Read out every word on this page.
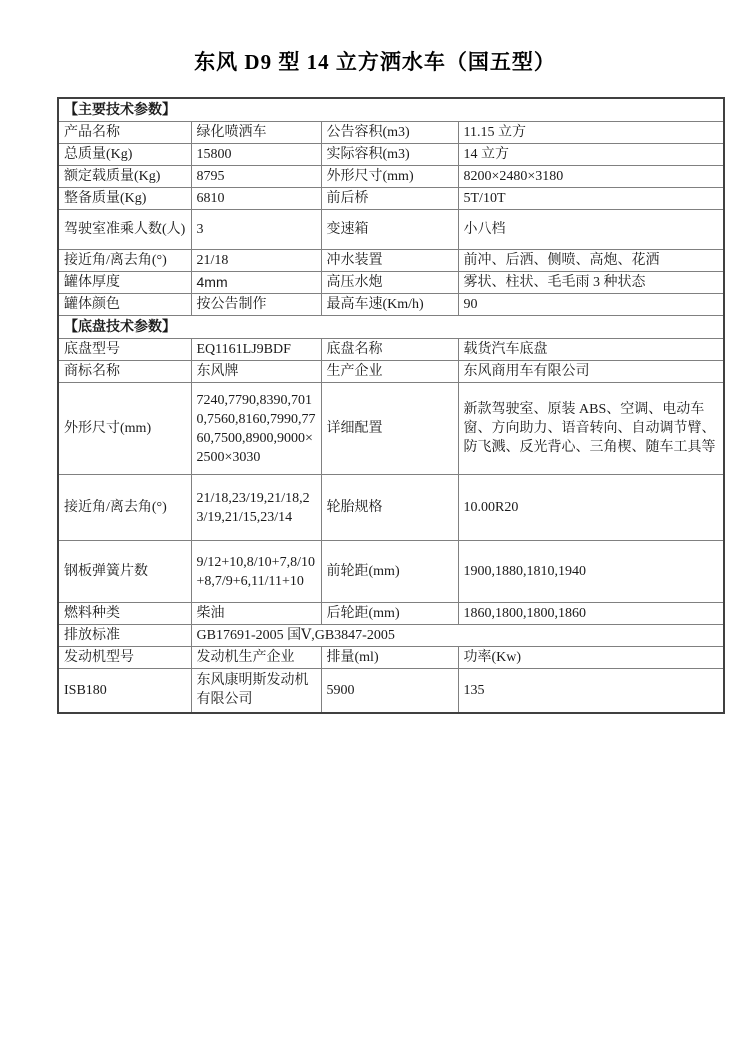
东风 D9 型 14 立方洒水车（国五型）
【主要技术参数】			
产品名称	绿化喷洒车	公告容积(m3)	11.15 立方
总质量(Kg)	15800	实际容积(m3)	14 立方
额定载质量(Kg)	8795	外形尺寸(mm)	8200×2480×3180
整备质量(Kg)	6810	前后桥	5T/10T
驾驶室准乘人数(人)	3	变速箱	小八档
接近角/离去角(°)	21/18	冲水装置	前冲、后洒、侧喷、高炮、花洒
罐体厚度	4mm	高压水炮	雾状、柱状、毛毛雨 3 种状态
罐体颜色	按公告制作	最高车速(Km/h)	90
【底盘技术参数】			
底盘型号	EQ1161LJ9BDF	底盘名称	载货汽车底盘
商标名称	东风牌	生产企业	东风商用车有限公司
外形尺寸(mm)	7240,7790,8390,7010,7560,8160,7990,7760,7500,8900,9000×2500×3030	详细配置	新款驾驶室、原装 ABS、空调、电动车窗、方向助力、语音转向、自动调节臂、防飞溅、反光背心、三角楔、随车工具等
接近角/离去角(°)	21/18,23/19,21/18,23/19,21/15,23/14	轮胎规格	10.00R20
钢板弹簧片数	9/12+10,8/10+7,8/10+8,7/9+6,11/11+10	前轮距(mm)	1900,1880,1810,1940
燃料种类	柴油	后轮距(mm)	1860,1800,1800,1860
排放标准	GB17691-2005 国Ⅴ,GB3847-2005		
发动机型号	发动机生产企业	排量(ml)	功率(Kw)
ISB180	东风康明斯发动机有限公司	5900	135
